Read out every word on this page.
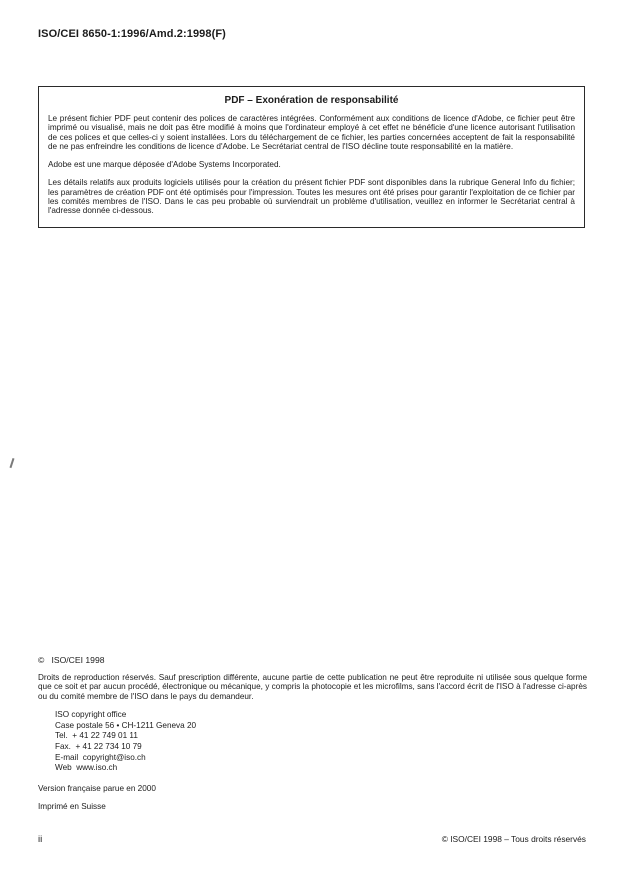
ISO/CEI 8650-1:1996/Amd.2:1998(F)
PDF – Exonération de responsabilité

Le présent fichier PDF peut contenir des polices de caractères intégrées. Conformément aux conditions de licence d'Adobe, ce fichier peut être imprimé ou visualisé, mais ne doit pas être modifié à moins que l'ordinateur employé à cet effet ne bénéficie d'une licence autorisant l'utilisation de ces polices et que celles-ci y soient installées. Lors du téléchargement de ce fichier, les parties concernées acceptent de fait la responsabilité de ne pas enfreindre les conditions de licence d'Adobe. Le Secrétariat central de l'ISO décline toute responsabilité en la matière.

Adobe est une marque déposée d'Adobe Systems Incorporated.

Les détails relatifs aux produits logiciels utilisés pour la création du présent fichier PDF sont disponibles dans la rubrique General Info du fichier; les paramètres de création PDF ont été optimisés pour l'impression. Toutes les mesures ont été prises pour garantir l'exploitation de ce fichier par les comités membres de l'ISO. Dans le cas peu probable où surviendrait un problème d'utilisation, veuillez en informer le Secrétariat central à l'adresse donnée ci-dessous.

©   ISO/CEI 1998

Droits de reproduction réservés. Sauf prescription différente, aucune partie de cette publication ne peut être reproduite ni utilisée sous quelque forme que ce soit et par aucun procédé, électronique ou mécanique, y compris la photocopie et les microfilms, sans l'accord écrit de l'ISO à l'adresse ci-après ou du comité membre de l'ISO dans le pays du demandeur.

ISO copyright office
Case postale 56 • CH-1211 Geneva 20
Tel.  + 41 22 749 01 11
Fax.  + 41 22 734 10 79
E-mail  copyright@iso.ch
Web  www.iso.ch
Version française parue en 2000
Imprimé en Suisse
ii	© ISO/CEI 1998 – Tous droits réservés
